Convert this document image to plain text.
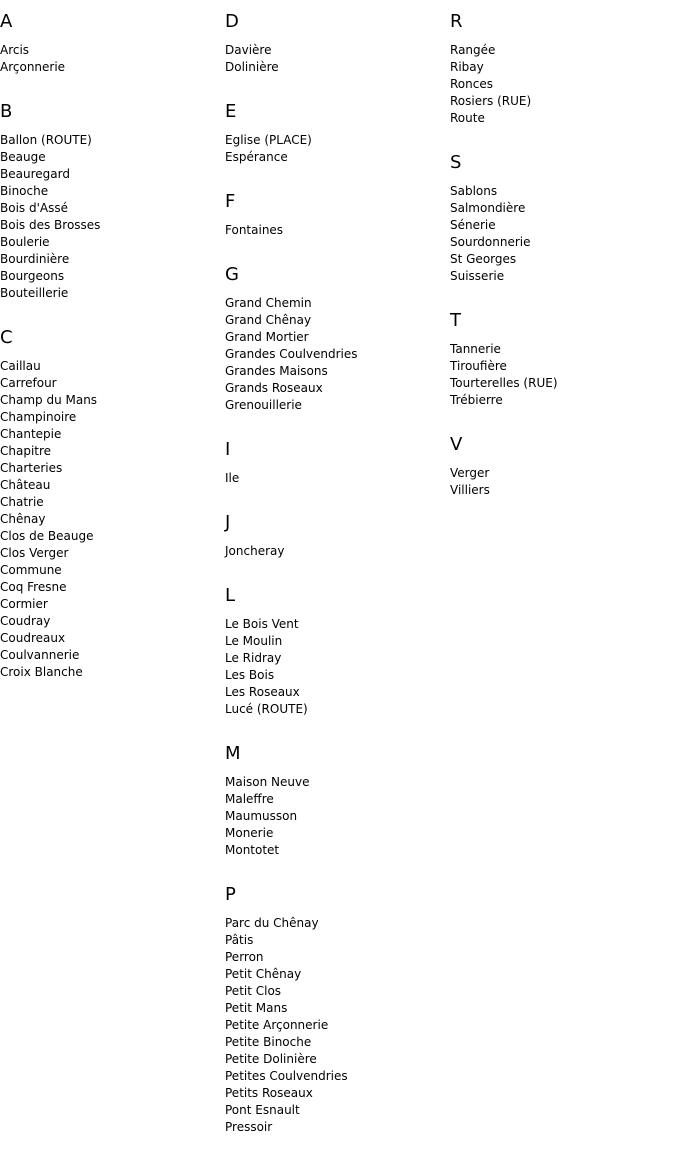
A
Arcis
Arçonnerie
B
Ballon (ROUTE)
Beauge
Beauregard
Binoche
Bois d'Assé
Bois des Brosses
Boulerie
Bourdinière
Bourgeons
Bouteillerie
C
Caillau
Carrefour
Champ du Mans
Champinoire
Chantepie
Chapitre
Charteries
Château
Chatrie
Chênay
Clos de Beauge
Clos Verger
Commune
Coq Fresne
Cormier
Coudray
Coudreaux
Coulvannerie
Croix Blanche
D
Davière
Dolinière
E
Eglise (PLACE)
Espérance
F
Fontaines
G
Grand Chemin
Grand Chênay
Grand Mortier
Grandes Coulvendries
Grandes Maisons
Grands Roseaux
Grenouillerie
I
Ile
J
Joncheray
L
Le Bois Vent
Le Moulin
Le Ridray
Les Bois
Les Roseaux
Lucé (ROUTE)
M
Maison Neuve
Maleffre
Maumusson
Monerie
Montotet
P
Parc du Chênay
Pâtis
Perron
Petit Chênay
Petit Clos
Petit Mans
Petite Arçonnerie
Petite Binoche
Petite Dolinière
Petites Coulvendries
Petits Roseaux
Pont Esnault
Pressoir
R
Rangée
Ribay
Ronces
Rosiers (RUE)
Route
S
Sablons
Salmondière
Sénerie
Sourdonnerie
St Georges
Suisserie
T
Tannerie
Tiroufière
Tourterelles (RUE)
Trébierre
V
Verger
Villiers
